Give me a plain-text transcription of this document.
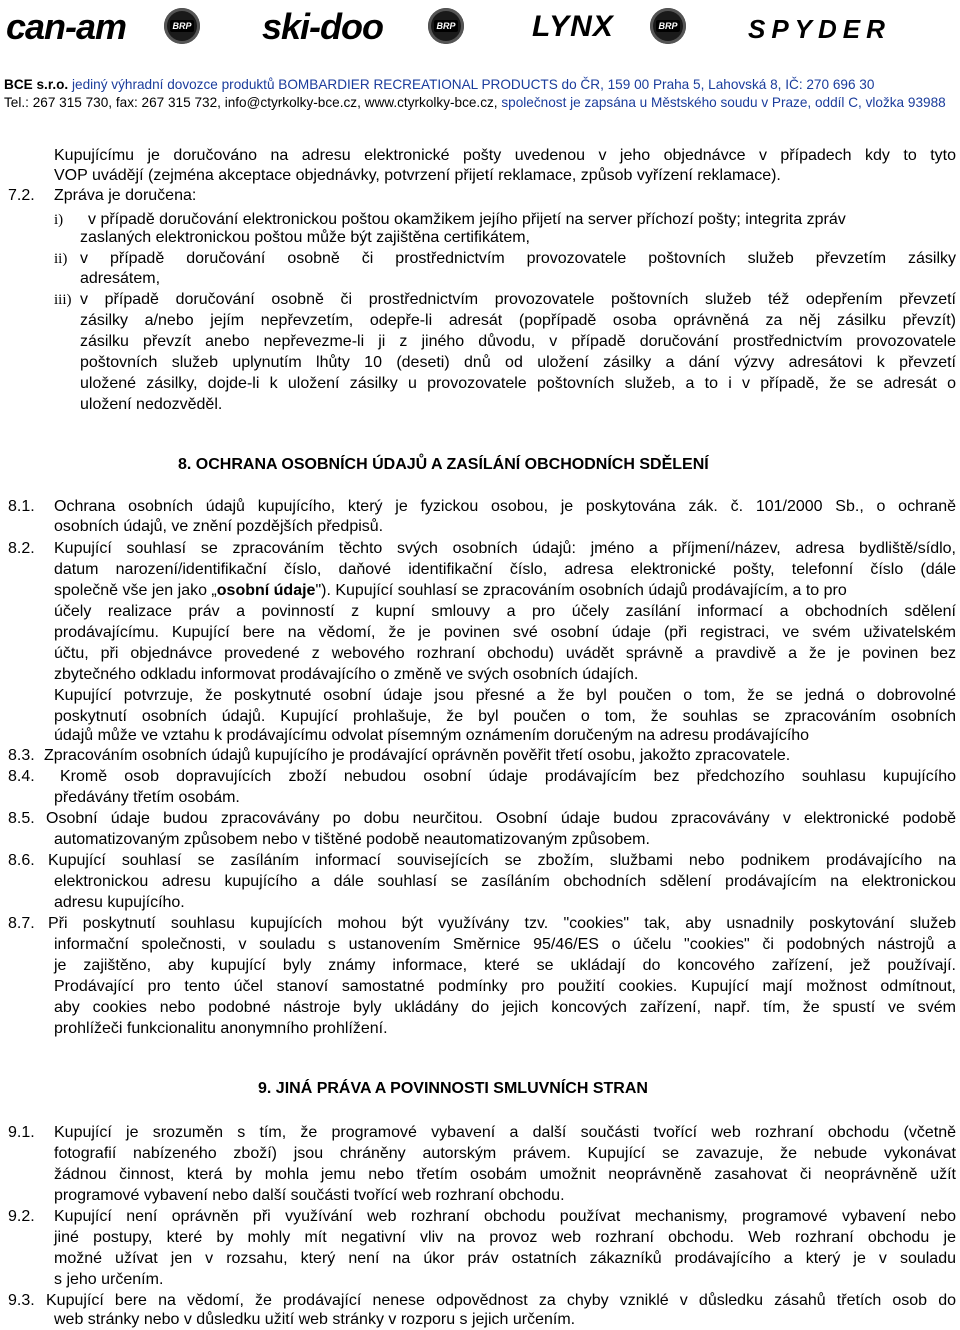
can-am	BRP ski-doo	BRP	LYNX	BRP	SPYDER
BCE s.r.o. jediný výhradní dovozce produktů BOMBARDIER RECREATIONAL PRODUCTS do ČR, 159 00 Praha 5, Lahovská 8, IČ: 270 696 30
Tel.: 267 315 730, fax: 267 315 732, info@ctyrkolky-bce.cz, www.ctyrkolky-bce.cz, společnost je zapsána u Městského soudu v Praze, oddíl C, vložka 93988
Kupujícímu je doručováno na adresu elektronické pošty uvedenou v jeho objednávce v případech kdy to tyto
VOP uvádějí (zejména akceptace objednávky, potvrzení přijetí reklamace, způsob vyřízení reklamace).
7.2. Zpráva je doručena:
i) v případě doručování elektronickou poštou okamžikem jejího přijetí na server příchozí pošty; integrita zpráv
zaslaných elektronickou poštou může být zajištěna certifikátem,
ii) v případě doručování osobně či prostřednictvím provozovatele poštovních služeb převzetím zásilky
adresátem,
iii) v případě doručování osobně či prostřednictvím provozovatele poštovních služeb též odepřením převzetí
zásilky a/nebo jejím nepřevzetím, odepře-li adresát (popřípadě osoba oprávněná za něj zásilku převzít)
zásilku převzít anebo nepřevezme-li ji z jiného důvodu, v případě doručování prostřednictvím provozovatele
poštovních služeb uplynutím lhůty 10 (deseti) dnů od uložení zásilky a dání výzvy adresátovi k převzetí
uložené zásilky, dojde-li k uložení zásilky u provozovatele poštovních služeb, a to i v případě, že se adresát o
uložení nedozvěděl.
8. OCHRANA OSOBNÍCH ÚDAJŮ A ZASÍLÁNÍ OBCHODNÍCH SDĚLENÍ
8.1. Ochrana osobních údajů kupujícího, který je fyzickou osobou, je poskytována zák. č. 101/2000 Sb., o ochraně
osobních údajů, ve znění pozdějších předpisů.
8.2. Kupující souhlasí se zpracováním těchto svých osobních údajů: jméno a příjmení/název, adresa bydliště/sídlo,
datum narození/identifikační číslo, daňové identifikační číslo, adresa elektronické pošty, telefonní číslo (dále
společně vše jen jako „osobní údaje"). Kupující souhlasí se zpracováním osobních údajů prodávajícím, a to pro
účely realizace práv a povinností z kupní smlouvy a pro účely zasílání informací a obchodních sdělení
prodávajícímu. Kupující bere na vědomí, že je povinen své osobní údaje (při registraci, ve svém uživatelském
účtu, při objednávce provedené z webového rozhraní obchodu) uvádět správně a pravdivě a že je povinen bez
zbytečného odkladu informovat prodávajícího o změně ve svých osobních údajích.
Kupující potvrzuje, že poskytnuté osobní údaje jsou přesné a že byl poučen o tom, že se jedná o dobrovolné
poskytnutí osobních údajů. Kupující prohlašuje, že byl poučen o tom, že souhlas se zpracováním osobních
údajů může ve vztahu k prodávajícímu odvolat písemným oznámením doručeným na adresu prodávajícího
8.3. Zpracováním osobních údajů kupujícího je prodávající oprávněn pověřit třetí osobu, jakožto zpracovatele.
8.4. Kromě osob dopravujících zboží nebudou osobní údaje prodávajícím bez předchozího souhlasu kupujícího
předávány třetím osobám.
8.5. Osobní údaje budou zpracovávány po dobu neurčitou. Osobní údaje budou zpracovávány v elektronické podobě
automatizovaným způsobem nebo v tištěné podobě neautomatizovaným způsobem.
8.6. Kupující souhlasí se zasíláním informací souvisejících se zbožím, službami nebo podnikem prodávajícího na
elektronickou adresu kupujícího a dále souhlasí se zasíláním obchodních sdělení prodávajícím na elektronickou
adresu kupujícího.
8.7. Při poskytnutí souhlasu kupujících mohou být využívány tzv. "cookies" tak, aby usnadnily poskytování služeb
informační společnosti, v souladu s ustanovením Směrnice 95/46/ES o účelu "cookies" či podobných nástrojů a
je zajištěno, aby kupující byly známy informace, které se ukládají do koncového zařízení, jež používají.
Prodávající pro tento účel stanoví samostatné podmínky pro použití cookies. Kupující mají možnost odmítnout,
aby cookies nebo podobné nástroje byly ukládány do jejich koncových zařízení, např. tím, že spustí ve svém
prohlížeči funkcionalitu anonymního prohlížení.
9. JINÁ PRÁVA A POVINNOSTI SMLUVNÍCH STRAN
9.1. Kupující je srozuměn s tím, že programové vybavení a další součásti tvořící web rozhraní obchodu (včetně
fotografií nabízeného zboží) jsou chráněny autorským právem. Kupující se zavazuje, že nebude vykonávat
žádnou činnost, která by mohla jemu nebo třetím osobám umožnit neoprávněně zasahovat či neoprávněně užít
programové vybavení nebo další součásti tvořící web rozhraní obchodu.
9.2. Kupující není oprávněn při využívání web rozhraní obchodu používat mechanismy, programové vybavení nebo
jiné postupy, které by mohly mít negativní vliv na provoz web rozhraní obchodu. Web rozhraní obchodu je
možné užívat jen v rozsahu, který není na úkor práv ostatních zákazníků prodávajícího a který je v souladu
s jeho určením.
9.3. Kupující bere na vědomí, že prodávající nenese odpovědnost za chyby vzniklé v důsledku zásahů třetích osob do
web stránky nebo v důsledku užití web stránky v rozporu s jejich určením.
